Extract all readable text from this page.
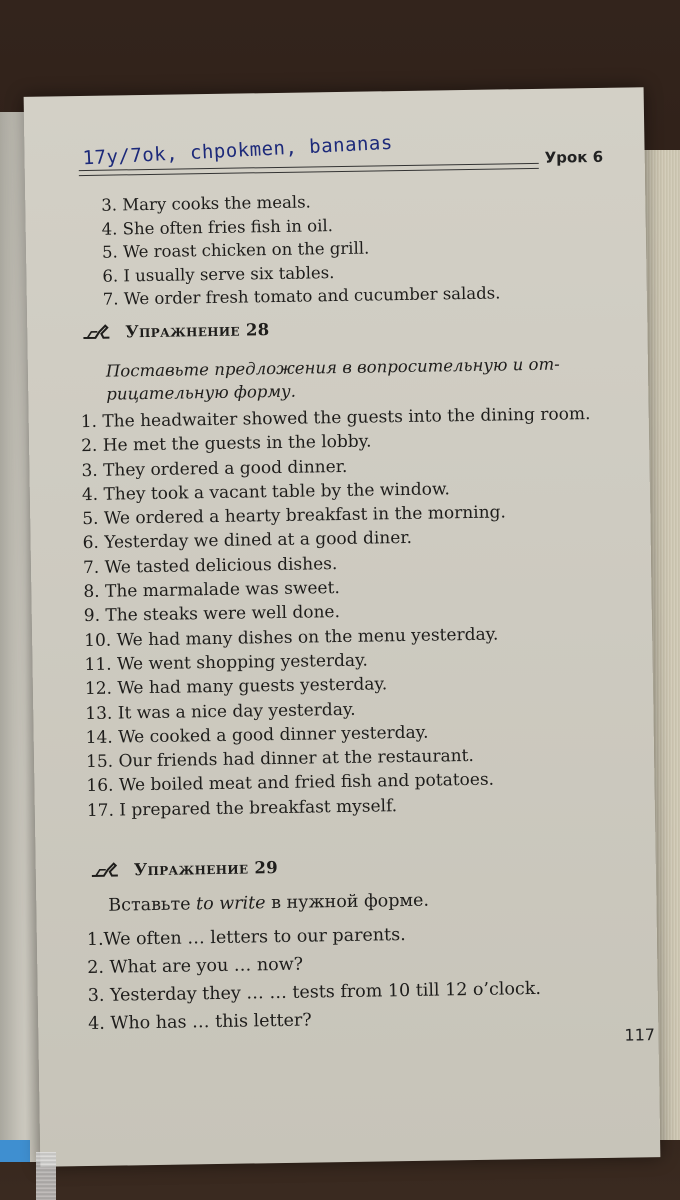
17y/7ok, chpokmen, bananas	Урок 6
3. Mary cooks the meals.
4. She often fries fish in oil.
5. We roast chicken on the grill.
6. I usually serve six tables.
7. We order fresh tomato and cucumber salads.
Упражнение 28
Поставьте предложения в вопросительную и от-
рицательную форму.
1. The headwaiter showed the guests into the dining room.
2. He met the guests in the lobby.
3. They ordered a good dinner.
4. They took a vacant table by the window.
5. We ordered a hearty breakfast in the morning.
6. Yesterday we dined at a good diner.
7. We tasted delicious dishes.
8. The marmalade was sweet.
9. The steaks were well done.
10. We had many dishes on the menu yesterday.
11. We went shopping yesterday.
12. We had many guests yesterday.
13. It was a nice day yesterday.
14. We cooked a good dinner yesterday.
15. Our friends had dinner at the restaurant.
16. We boiled meat and fried fish and potatoes.
17. I prepared the breakfast myself.
Упражнение 29
Вставьте to write в нужной форме.
1.We often … letters to our parents.
2. What are you … now?
3. Yesterday they … … tests from 10 till 12 o’clock.
4. Who has … this letter?
117
